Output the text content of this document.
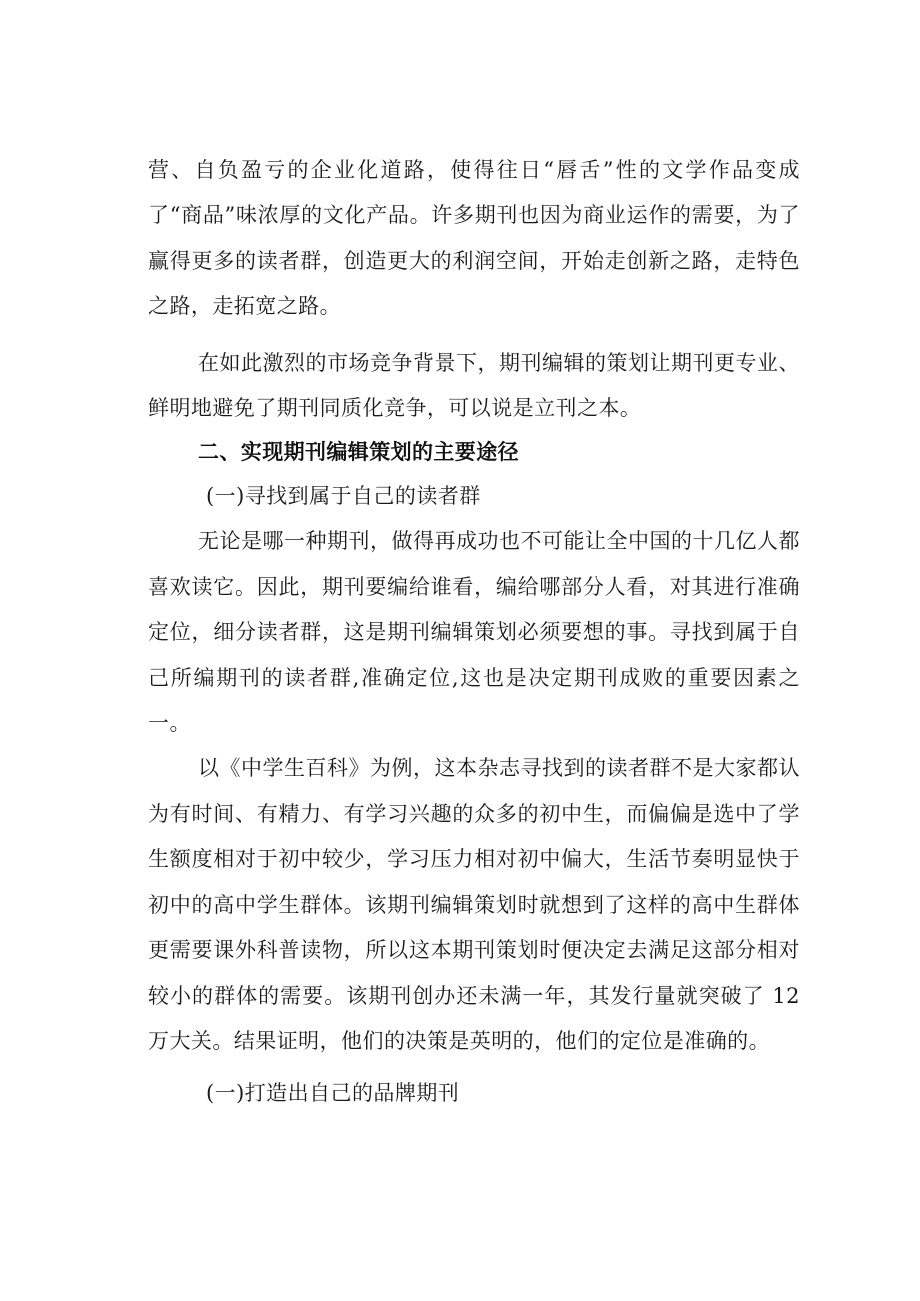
营、自负盈亏的企业化道路，使得往日“唇舌”性的文学作品变成了“商品”味浓厚的文化产品。许多期刊也因为商业运作的需要，为了赢得更多的读者群，创造更大的利润空间，开始走创新之路，走特色之路，走拓宽之路。

在如此激烈的市场竞争背景下，期刊编辑的策划让期刊更专业、鲜明地避免了期刊同质化竞争，可以说是立刊之本。

二、实现期刊编辑策划的主要途径

(一)寻找到属于自己的读者群

无论是哪一种期刊，做得再成功也不可能让全中国的十几亿人都喜欢读它。因此，期刊要编给谁看，编给哪部分人看，对其进行准确定位，细分读者群，这是期刊编辑策划必须要想的事。寻找到属于自己所编期刊的读者群,准确定位,这也是决定期刊成败的重要因素之一。

以《中学生百科》为例，这本杂志寻找到的读者群不是大家都认为有时间、有精力、有学习兴趣的众多的初中生，而偏偏是选中了学生额度相对于初中较少，学习压力相对初中偏大，生活节奏明显快于初中的高中学生群体。该期刊编辑策划时就想到了这样的高中生群体更需要课外科普读物，所以这本期刊策划时便决定去满足这部分相对较小的群体的需要。该期刊创办还未满一年，其发行量就突破了 12 万大关。结果证明，他们的决策是英明的，他们的定位是准确的。

(一)打造出自己的品牌期刊
